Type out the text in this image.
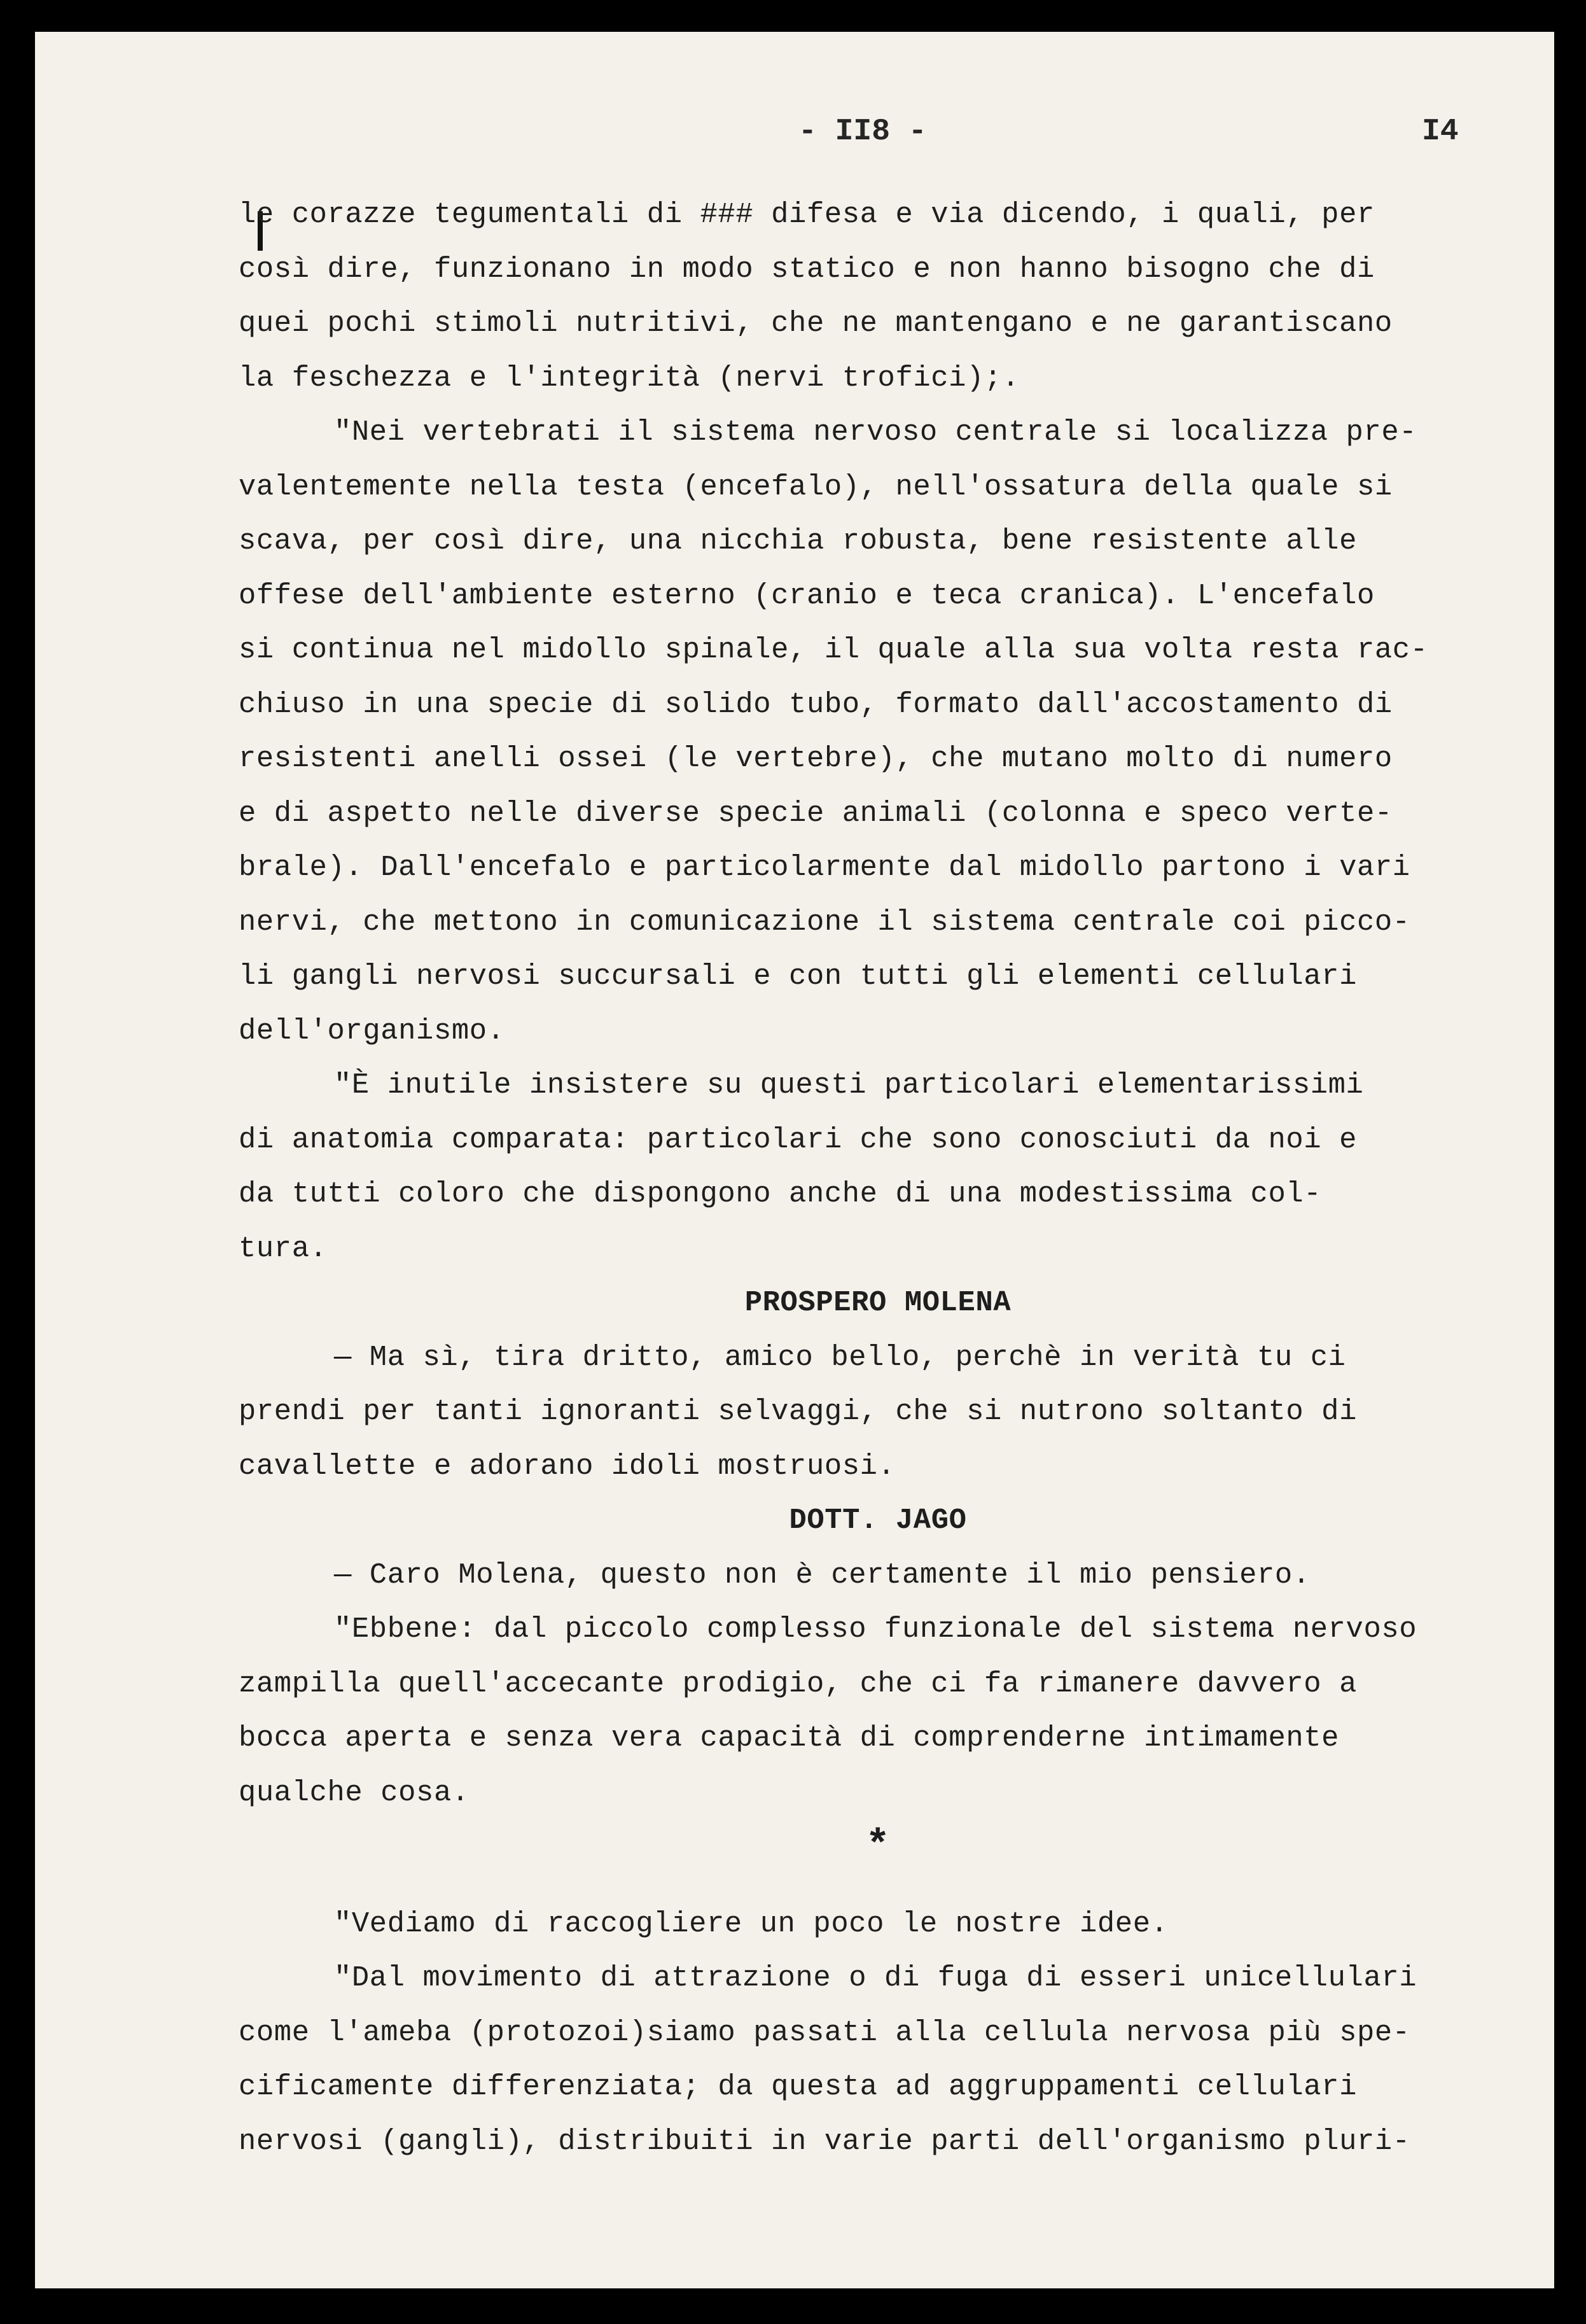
- II8 -	I4
le corazze tegumentali di ### difesa e via dicendo, i quali, per
così dire, funzionano in modo statico e non hanno bisogno che di
quei pochi stimoli nutritivi, che ne mantengano e ne garantiscano
la feschezza e l'integrità (nervi trofici);.
"Nei vertebrati il sistema nervoso centrale si localizza pre-
valentemente nella testa (encefalo), nell'ossatura della quale si
scava, per così dire, una nicchia robusta, bene resistente alle
offese dell'ambiente esterno (cranio e teca cranica). L'encefalo
si continua nel midollo spinale, il quale alla sua volta resta rac-
chiuso in una specie di solido tubo, formato dall'accostamento di
resistenti anelli ossei (le vertebre), che mutano molto di numero
e di aspetto nelle diverse specie animali (colonna e speco verte-
brale). Dall'encefalo e particolarmente dal midollo partono i vari
nervi, che mettono in comunicazione il sistema centrale coi picco-
li gangli nervosi succursali e con tutti gli elementi cellulari
dell'organismo.
"È inutile insistere su questi particolari elementarissimi
di anatomia comparata: particolari che sono conosciuti da noi e
da tutti coloro che dispongono anche di una modestissima col-
tura.
PROSPERO MOLENA
— Ma sì, tira dritto, amico bello, perchè in verità tu ci
prendi per tanti ignoranti selvaggi, che si nutrono soltanto di
cavallette e adorano idoli mostruosi.
DOTT. JAGO
— Caro Molena, questo non è certamente il mio pensiero.
"Ebbene: dal piccolo complesso funzionale del sistema nervoso
zampilla quell'accecante prodigio, che ci fa rimanere davvero a
bocca aperta e senza vera capacità di comprenderne intimamente
qualche cosa.
*
"Vediamo di raccogliere un poco le nostre idee.
"Dal movimento di attrazione o di fuga di esseri unicellulari
come l'ameba (protozoi)siamo passati alla cellula nervosa più spe-
cificamente differenziata; da questa ad aggruppamenti cellulari
nervosi (gangli), distribuiti in varie parti dell'organismo pluri-
